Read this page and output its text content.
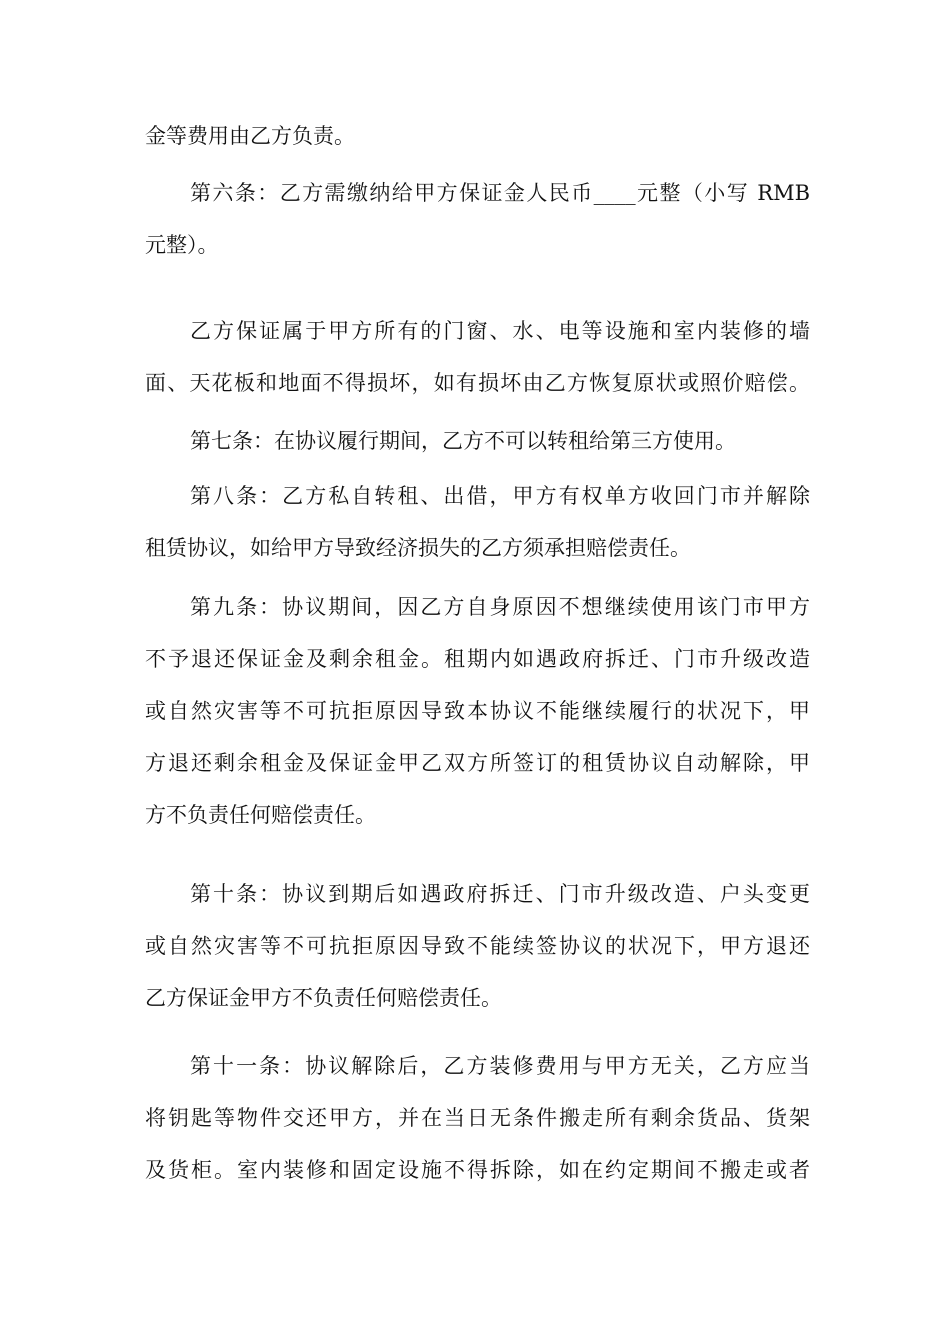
金等费用由乙方负责。
第六条：乙方需缴纳给甲方保证金人民币____元整（小写 RMB
元整）。
乙方保证属于甲方所有的门窗、水、电等设施和室内装修的墙
面、天花板和地面不得损坏，如有损坏由乙方恢复原状或照价赔偿。
第七条：在协议履行期间，乙方不可以转租给第三方使用。
第八条：乙方私自转租、出借，甲方有权单方收回门市并解除
租赁协议，如给甲方导致经济损失的乙方须承担赔偿责任。
第九条：协议期间，因乙方自身原因不想继续使用该门市甲方
不予退还保证金及剩余租金。租期内如遇政府拆迁、门市升级改造
或自然灾害等不可抗拒原因导致本协议不能继续履行的状况下，甲
方退还剩余租金及保证金甲乙双方所签订的租赁协议自动解除，甲
方不负责任何赔偿责任。
第十条：协议到期后如遇政府拆迁、门市升级改造、户头变更
或自然灾害等不可抗拒原因导致不能续签协议的状况下，甲方退还
乙方保证金甲方不负责任何赔偿责任。
第十一条：协议解除后，乙方装修费用与甲方无关，乙方应当
将钥匙等物件交还甲方，并在当日无条件搬走所有剩余货品、货架
及货柜。室内装修和固定设施不得拆除，如在约定期间不搬走或者
